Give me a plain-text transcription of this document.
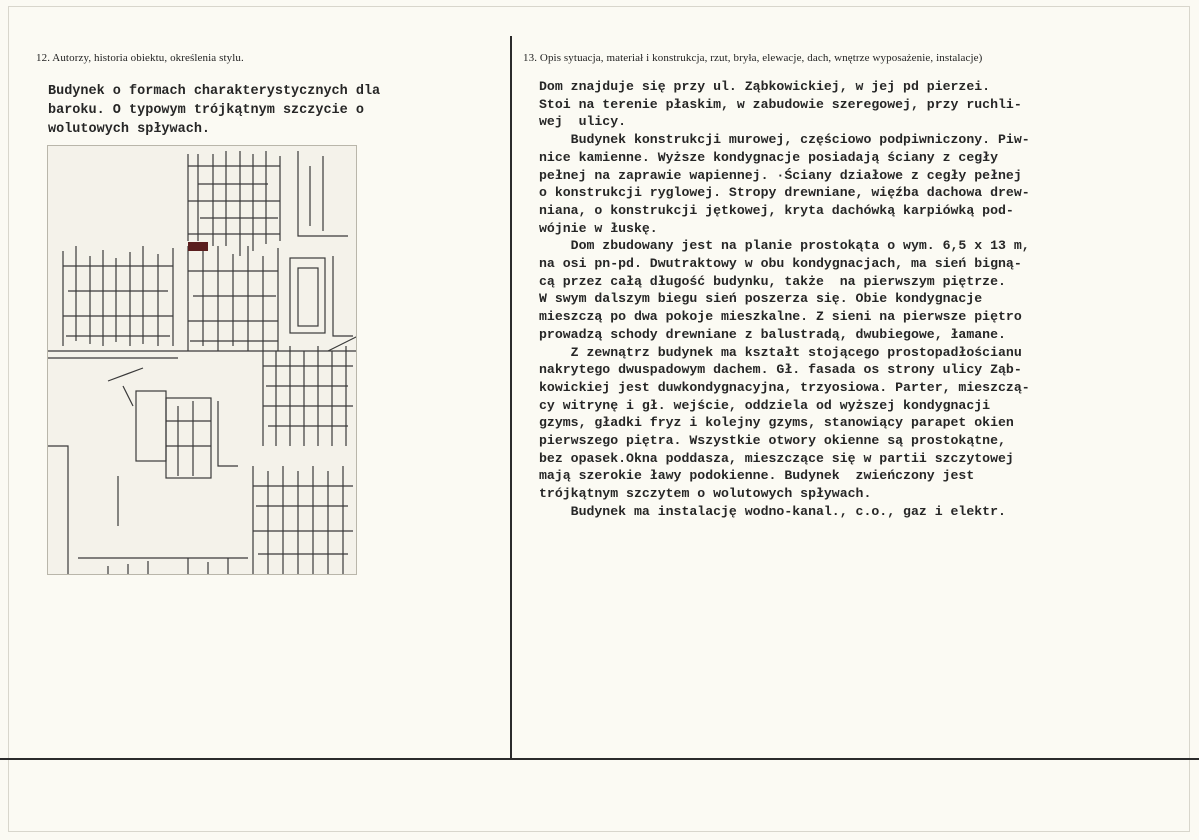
12. Autorzy, historia obiektu, określenia stylu.	13. Opis sytuacja, materiał i konstrukcja, rzut, bryła, elewacje, dach, wnętrze wyposażenie, instalacje)
Budynek o formach charakterystycznych dla
baroku. O typowym trójkątnym szczycie o
wolutowych spływach.
Dom znajduje się przy ul. Ząbkowickiej, w jej pd pierzei.
Stoi na terenie płaskim, w zabudowie szeregowej, przy ruchli-
wej  ulicy.
Budynek konstrukcji murowej, częściowo podpiwniczony. Piw-
nice kamienne. Wyższe kondygnacje posiadają ściany z cegły
pełnej na zaprawie wapiennej. ·Ściany działowe z cegły pełnej
o konstrukcji ryglowej. Stropy drewniane, więźba dachowa drew-
niana, o konstrukcji jętkowej, kryta dachówką karpiówką pod-
wójnie w łuskę.
Dom zbudowany jest na planie prostokąta o wym. 6,5 x 13 m,
na osi pn-pd. Dwutraktowy w obu kondygnacjach, ma sień bigną-
cą przez całą długość budynku, także  na pierwszym piętrze.
W swym dalszym biegu sień poszerza się. Obie kondygnacje
mieszczą po dwa pokoje mieszkalne. Z sieni na pierwsze piętro
prowadzą schody drewniane z balustradą, dwubiegowe, łamane.
Z zewnątrz budynek ma kształt stojącego prostopadłościanu
nakrytego dwuspadowym dachem. Gł. fasada os strony ulicy Ząb-
kowickiej jest duwkondygnacyjna, trzyosiowa. Parter, mieszczą-
cy witrynę i gł. wejście, oddziela od wyższej kondygnacji
gzyms, gładki fryz i kolejny gzyms, stanowiący parapet okien
pierwszego piętra. Wszystkie otwory okienne są prostokątne,
bez opasek.Okna poddasza, mieszczące się w partii szczytowej
mają szerokie ławy podokienne. Budynek  zwieńczony jest
trójkątnym szczytem o wolutowych spływach.
Budynek ma instalację wodno-kanal., c.o., gaz i elektr.
